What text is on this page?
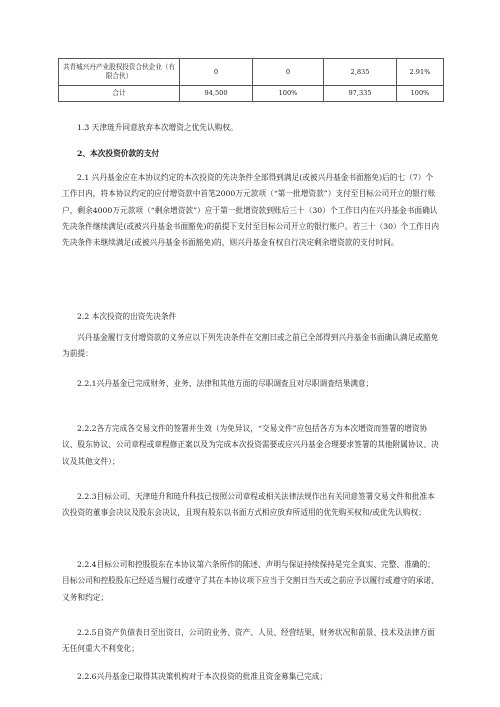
共青城兴丹产业股权投资合伙企业（有限合伙）	0	0	2,835	2.91%
合计	94,500	100%	97,335	100%

1.3 天津琏升同意放弃本次增资之优先认购权。

2、本次投资价款的支付

2.1 兴丹基金应在本协议约定的本次投资的先决条件全部得到满足(或被兴丹基金书面豁免)后的七（7）个工作日内，将本协议约定的应付增资款中首笔2000万元款项（“第一批增资款”）支付至目标公司开立的银行账户，剩余4000万元款项（“剩余增资款”）应于第一批增资款到账后三十（30）个工作日内在兴丹基金书面确认先决条件继续满足(或被兴丹基金书面豁免)的前提下支付至目标公司开立的银行账户。若三十（30）个工作日内先决条件未继续满足(或被兴丹基金书面豁免)的，则兴丹基金有权自行决定剩余增资款的支付时间。

2.2 本次投资的出资先决条件

兴丹基金履行支付增资款的义务应以下列先决条件在交割日或之前已全部得到兴丹基金书面确认满足或豁免为前提：

2.2.1兴丹基金已完成财务、业务、法律和其他方面的尽职调查且对尽职调查结果满意；

2.2.2各方完成各交易文件的签署并生效（为免异议，“交易文件”应包括各方为本次增资而签署的增资协议、股东协议、公司章程或章程修正案以及为完成本次投资需要或应兴丹基金合理要求签署的其他附属协议、决议及其他文件）；

2.2.3目标公司、天津琏升和琏升科技已按照公司章程或相关法律法规作出有关同意签署交易文件和批准本次投资的董事会决议及股东会决议，且现有股东以书面方式相应放弃所适用的优先购买权和/或优先认购权；

2.2.4目标公司和控股股东在本协议第六条所作的陈述、声明与保证持续保持是完全真实、完整、准确的；目标公司和控股股东已经适当履行或遵守了其在本协议项下应当于交割日当天或之前应予以履行或遵守的承诺、义务和约定；

2.2.5自资产负债表日至出资日，公司的业务、资产、人员、经营结果、财务状况和前景、技术及法律方面无任何重大不利变化；

2.2.6兴丹基金已取得其决策机构对于本次投资的批准且资金募集已完成；
